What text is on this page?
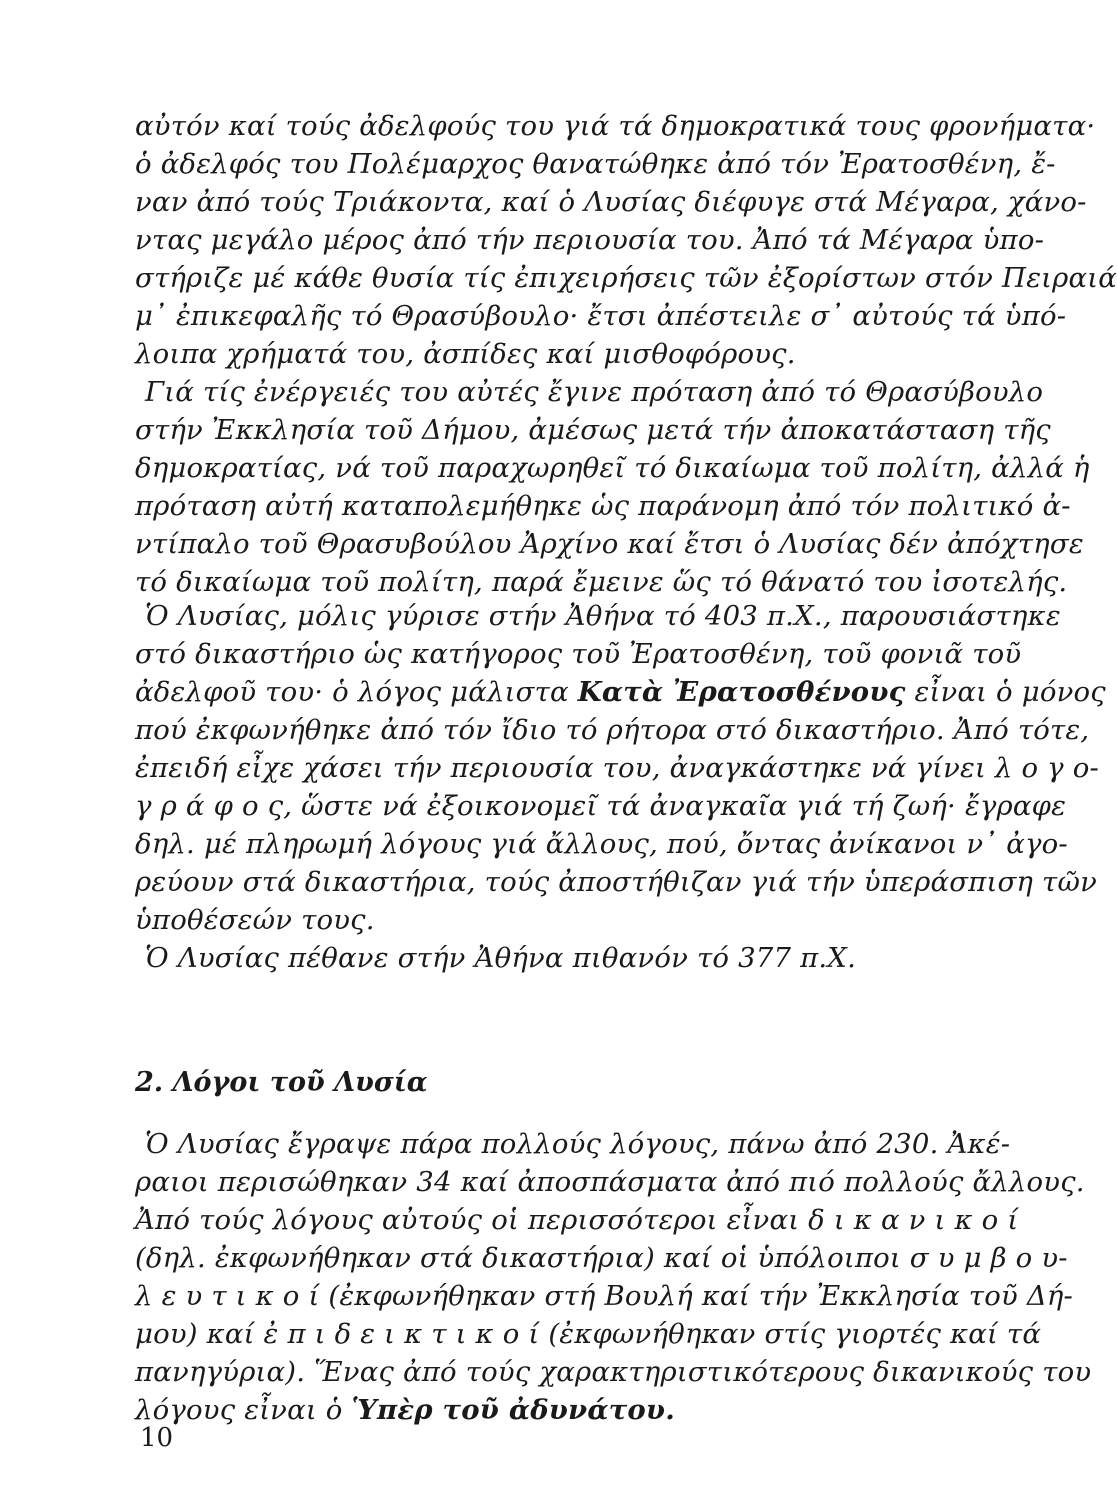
αὐτόν καί τούς ἀδελφούς του γιά τά δημοκρατικά τους φρονήματα·
ὁ ἀδελφός του Πολέμαρχος θανατώθηκε ἀπό τόν Ἐρατοσθένη, ἔ-
ναν ἀπό τούς Τριάκοντα, καί ὁ Λυσίας διέφυγε στά Μέγαρα, χάνο-
ντας μεγάλο μέρος ἀπό τήν περιουσία του. Ἀπό τά Μέγαρα ὑπο-
στήριζε μέ κάθε θυσία τίς ἐπιχειρήσεις τῶν ἐξορίστων στόν Πειραιά
μ᾿ ἐπικεφαλῆς τό Θρασύβουλο· ἔτσι ἀπέστειλε σ᾿ αὐτούς τά ὑπό-
λοιπα χρήματά του, ἀσπίδες καί μισθοφόρους.
Γιά τίς ἐνέργειές του αὐτές ἔγινε πρόταση ἀπό τό Θρασύβουλο
στήν Ἐκκλησία τοῦ Δήμου, ἀμέσως μετά τήν ἀποκατάσταση τῆς
δημοκρατίας, νά τοῦ παραχωρηθεῖ τό δικαίωμα τοῦ πολίτη, ἀλλά ἡ
πρόταση αὐτή καταπολεμήθηκε ὡς παράνομη ἀπό τόν πολιτικό ἀ-
ντίπαλο τοῦ Θρασυβούλου Ἀρχίνο καί ἔτσι ὁ Λυσίας δέν ἀπόχτησε
τό δικαίωμα τοῦ πολίτη, παρά ἔμεινε ὥς τό θάνατό του ἰσοτελής.
Ὁ Λυσίας, μόλις γύρισε στήν Ἀθήνα τό 403 π.Χ., παρουσιάστηκε
στό δικαστήριο ὡς κατήγορος τοῦ Ἐρατοσθένη, τοῦ φονιᾶ τοῦ
ἀδελφοῦ του· ὁ λόγος μάλιστα Κατὰ Ἐρατοσθένους εἶναι ὁ μόνος
πού ἐκφωνήθηκε ἀπό τόν ἴδιο τό ρήτορα στό δικαστήριο. Ἀπό τότε,
ἐπειδή εἶχε χάσει τήν περιουσία του, ἀναγκάστηκε νά γίνει λ ο γ ο-
γ ρ ά φ ο ς, ὥστε νά ἐξοικονομεῖ τά ἀναγκαῖα γιά τή ζωή· ἔγραφε
δηλ. μέ πληρωμή λόγους γιά ἄλλους, πού, ὄντας ἀνίκανοι ν᾿ ἀγο-
ρεύουν στά δικαστήρια, τούς ἀποστήθιζαν γιά τήν ὑπεράσπιση τῶν
ὑποθέσεών τους.
Ὁ Λυσίας πέθανε στήν Ἀθήνα πιθανόν τό 377 π.Χ.
2. Λόγοι τοῦ Λυσία
Ὁ Λυσίας ἔγραψε πάρα πολλούς λόγους, πάνω ἀπό 230. Ἀκέ-
ραιοι περισώθηκαν 34 καί ἀποσπάσματα ἀπό πιό πολλούς ἄλλους.
Ἀπό τούς λόγους αὐτούς οἱ περισσότεροι εἶναι δ ι κ α ν ι κ ο ί
(δηλ. ἐκφωνήθηκαν στά δικαστήρια) καί οἱ ὑπόλοιποι σ υ μ β ο υ-
λ ε υ τ ι κ ο ί (ἐκφωνήθηκαν στή Βουλή καί τήν Ἐκκλησία τοῦ Δή-
μου) καί ἐ π ι δ ε ι κ τ ι κ ο ί (ἐκφωνήθηκαν στίς γιορτές καί τά
πανηγύρια). Ἕνας ἀπό τούς χαρακτηριστικότερους δικανικούς του
λόγους εἶναι ὁ Ὑπὲρ τοῦ ἀδυνάτου.
10
